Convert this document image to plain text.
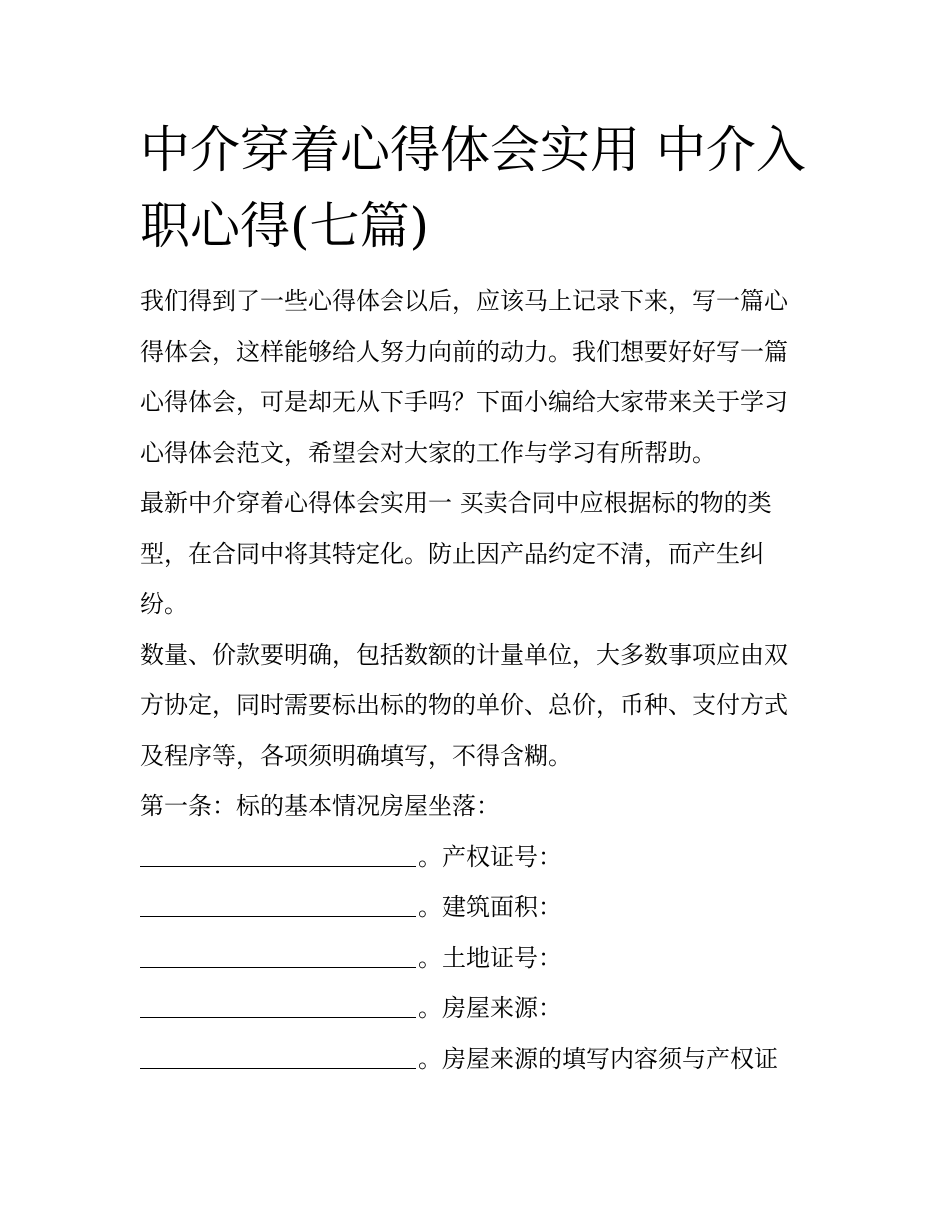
中介穿着心得体会实用 中介入
职心得(七篇)
我们得到了一些心得体会以后，应该马上记录下来，写一篇心
得体会，这样能够给人努力向前的动力。我们想要好好写一篇
心得体会，可是却无从下手吗？下面小编给大家带来关于学习
心得体会范文，希望会对大家的工作与学习有所帮助。
最新中介穿着心得体会实用一 买卖合同中应根据标的物的类
型，在合同中将其特定化。防止因产品约定不清，而产生纠
纷。
数量、价款要明确，包括数额的计量单位，大多数事项应由双
方协定，同时需要标出标的物的单价、总价，币种、支付方式
及程序等，各项须明确填写，不得含糊。
第一条：标的基本情况房屋坐落：
。产权证号：
。建筑面积：
。土地证号：
。房屋来源：
。房屋来源的填写内容须与产权证
